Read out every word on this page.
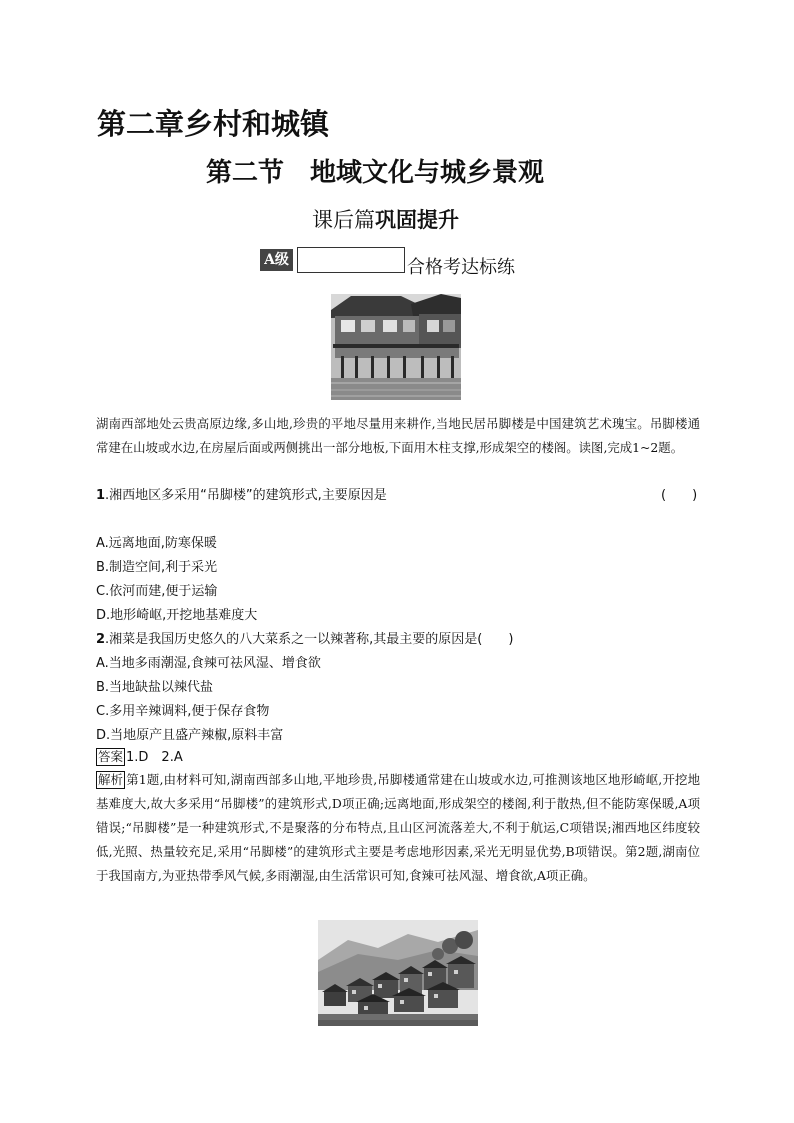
第二章乡村和城镇
第二节　地域文化与城乡景观
课后篇巩固提升
A级	合格考达标练
湖南西部地处云贵高原边缘,多山地,珍贵的平地尽量用来耕作,当地民居吊脚楼是中国建筑艺术瑰宝。吊脚楼通常建在山坡或水边,在房屋后面或两侧挑出一部分地板,下面用木柱支撑,形成架空的楼阁。读图,完成1~2题。
1.湘西地区多采用“吊脚楼”的建筑形式,主要原因是	(　　)
A.远离地面,防寒保暖
B.制造空间,利于采光
C.依河而建,便于运输
D.地形崎岖,开挖地基难度大
2.湘菜是我国历史悠久的八大菜系之一以辣著称,其最主要的原因是(　　)
A.当地多雨潮湿,食辣可祛风湿、增食欲
B.当地缺盐以辣代盐
C.多用辛辣调料,便于保存食物
D.当地原产且盛产辣椒,原料丰富
答案 1.D　2.A
解析 第1题,由材料可知,湖南西部多山地,平地珍贵,吊脚楼通常建在山坡或水边,可推测该地区地形崎岖,开挖地基难度大,故大多采用“吊脚楼”的建筑形式,D项正确;远离地面,形成架空的楼阁,利于散热,但不能防寒保暖,A项错误;“吊脚楼”是一种建筑形式,不是聚落的分布特点,且山区河流落差大,不利于航运,C项错误;湘西地区纬度较低,光照、热量较充足,采用“吊脚楼”的建筑形式主要是考虑地形因素,采光无明显优势,B项错误。第2题,湖南位于我国南方,为亚热带季风气候,多雨潮湿,由生活常识可知,食辣可祛风湿、增食欲,A项正确。
